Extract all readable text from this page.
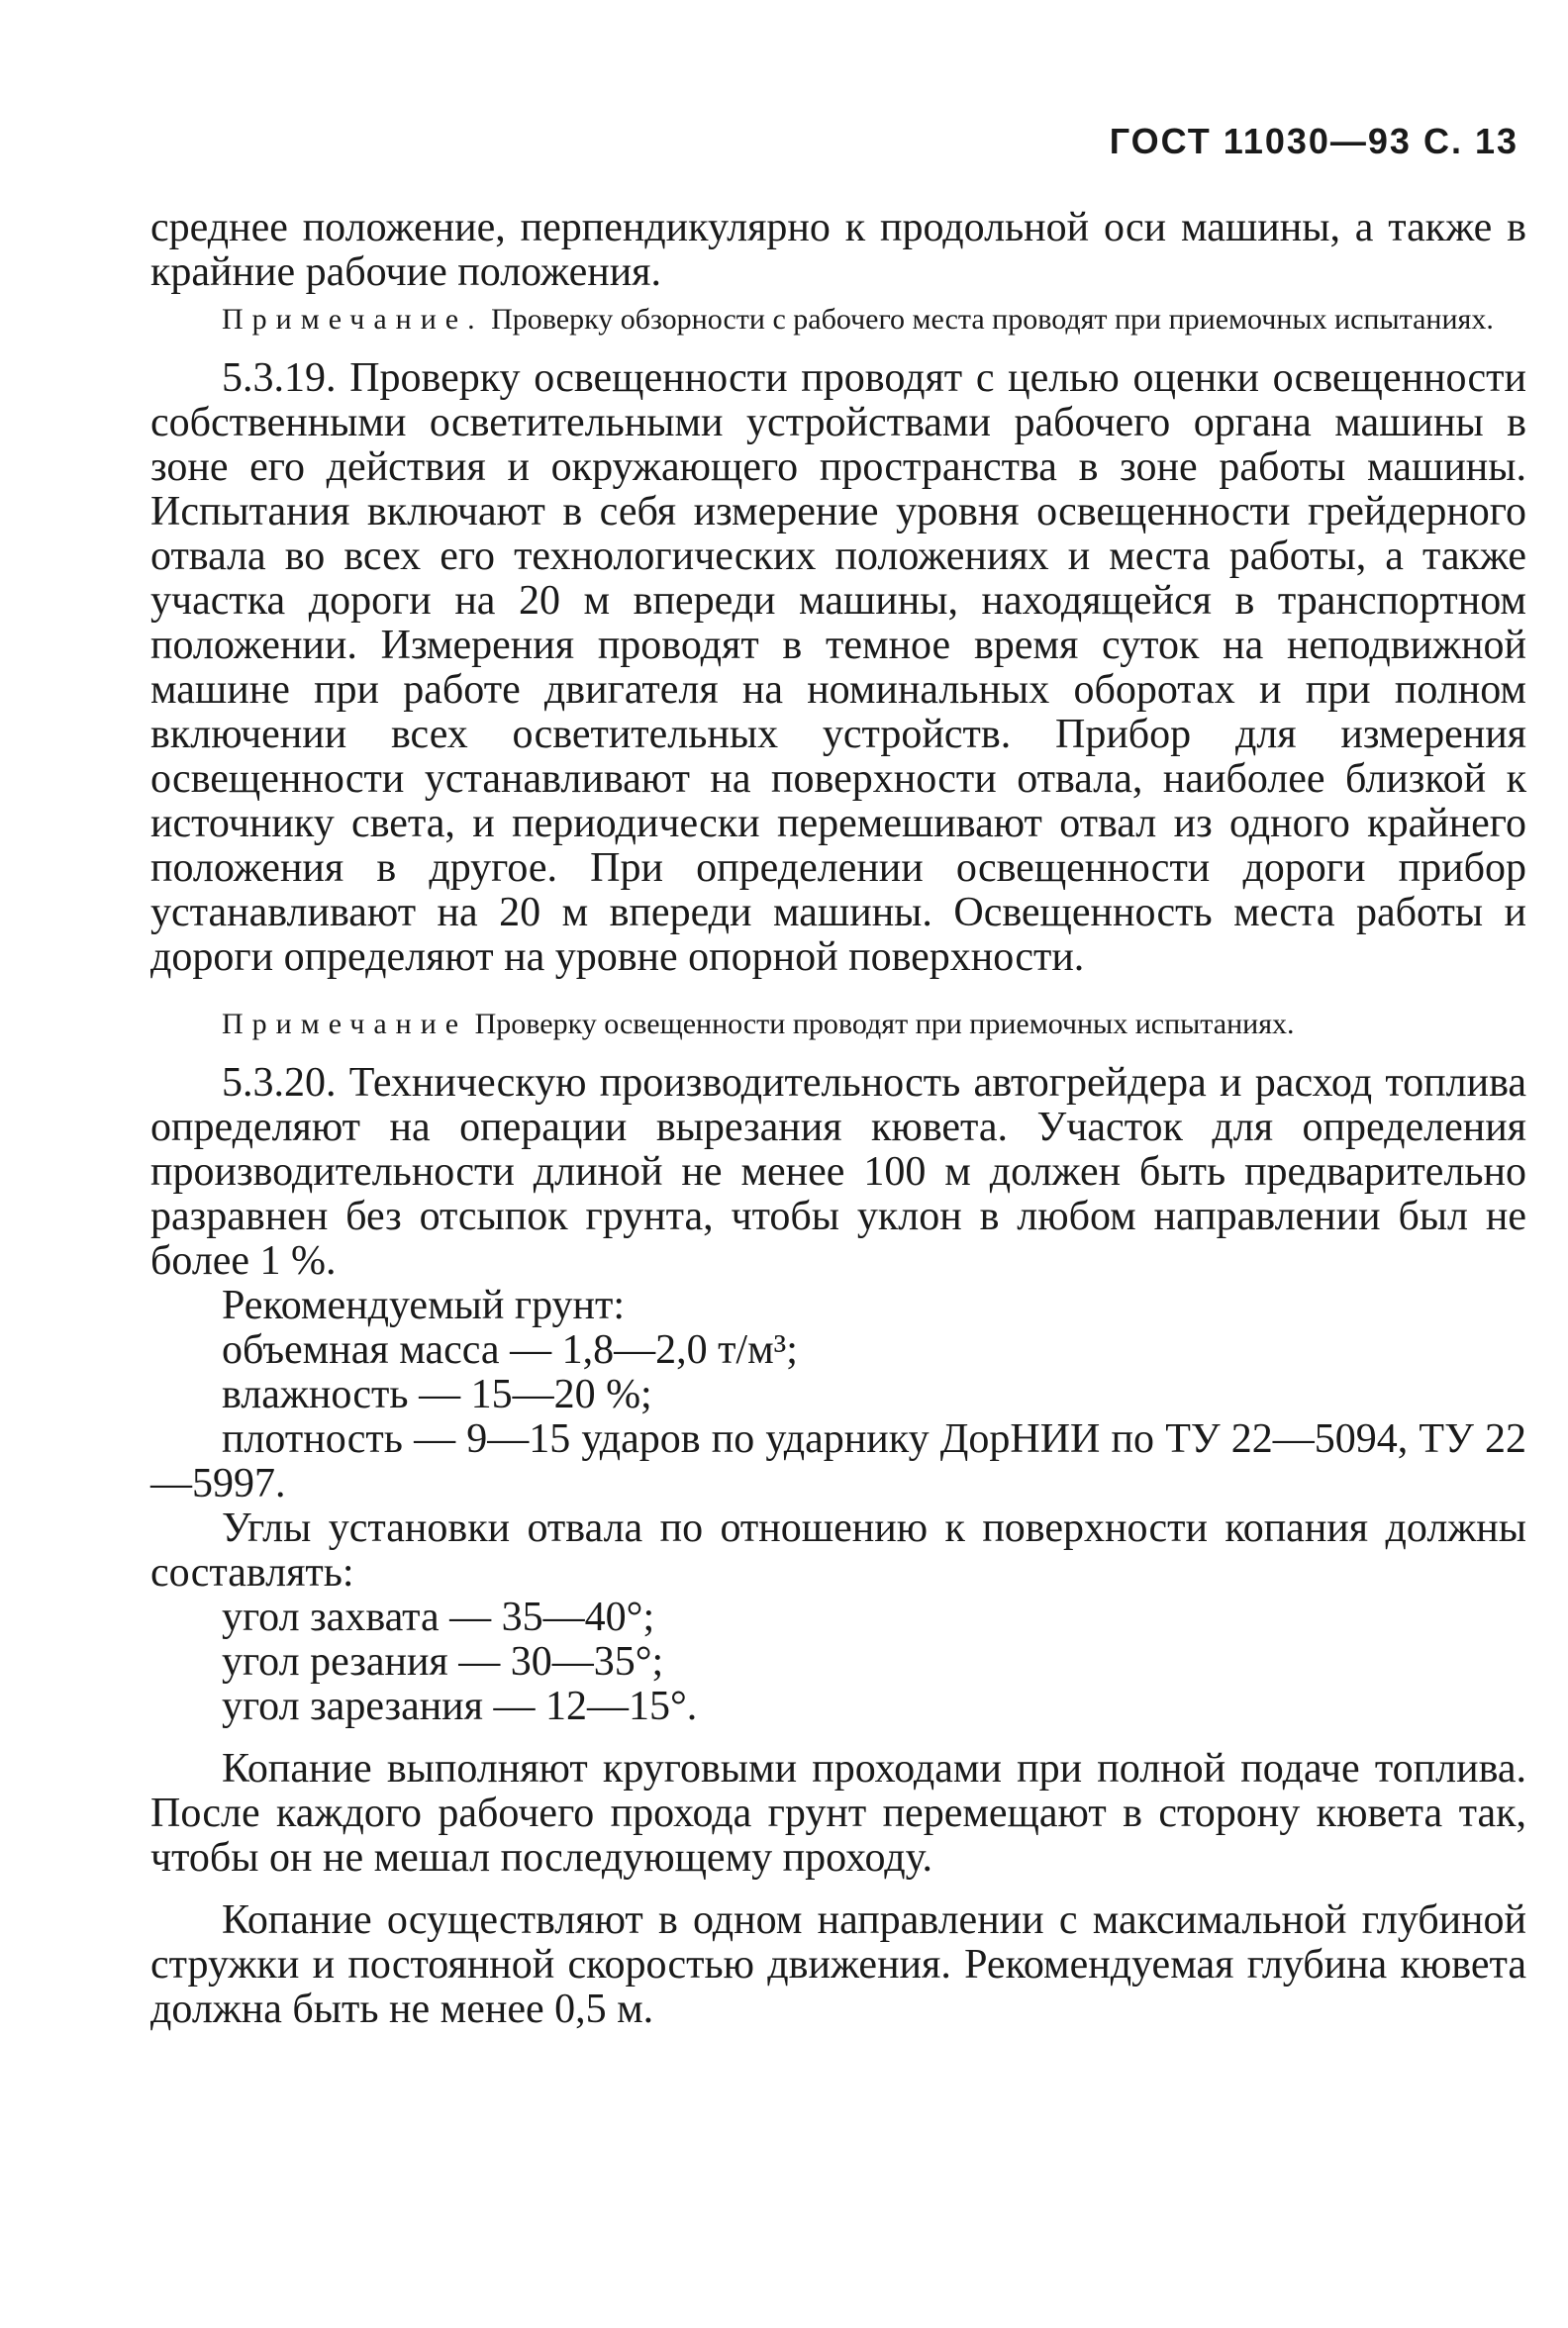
ГОСТ 11030—93 С. 13

среднее положение, перпендикулярно к продольной оси машины, а также в крайние рабочие положения.

Примечание. Проверку обзорности с рабочего места проводят при приемочных испытаниях.

5.3.19. Проверку освещенности проводят с целью оценки освещенности собственными осветительными устройствами рабочего органа машины в зоне его действия и окружающего пространства в зоне работы машины. Испытания включают в себя измерение уровня освещенности грейдерного отвала во всех его технологических положениях и места работы, а также участка дороги на 20 м впереди машины, находящейся в транспортном положении. Измерения проводят в темное время суток на неподвижной машине при работе двигателя на номинальных оборотах и при полном включении всех осветительных устройств. Прибор для измерения освещенности устанавливают на поверхности отвала, наиболее близкой к источнику света, и периодически перемешивают отвал из одного крайнего положения в другое. При определении освещенности дороги прибор устанавливают на 20 м впереди машины. Освещенность места работы и дороги определяют на уровне опорной поверхности.

Примечание Проверку освещенности проводят при приемочных испытаниях.

5.3.20. Техническую производительность автогрейдера и расход топлива определяют на операции вырезания кювета. Участок для определения производительности длиной не менее 100 м должен быть предварительно разравнен без отсыпок грунта, чтобы уклон в любом направлении был не более 1 %.

Рекомендуемый грунт:

объемная масса — 1,8—2,0 т/м³;

влажность — 15—20 %;

плотность — 9—15 ударов по ударнику ДорНИИ по ТУ 22—5094, ТУ 22—5997.

Углы установки отвала по отношению к поверхности копания должны составлять:

угол захвата — 35—40°;

угол резания — 30—35°;

угол зарезания — 12—15°.

Копание выполняют круговыми проходами при полной подаче топлива. После каждого рабочего прохода грунт перемещают в сторону кювета так, чтобы он не мешал последующему проходу.

Копание осуществляют в одном направлении с максимальной глубиной стружки и постоянной скоростью движения. Рекомендуемая глубина кювета должна быть не менее 0,5 м.
